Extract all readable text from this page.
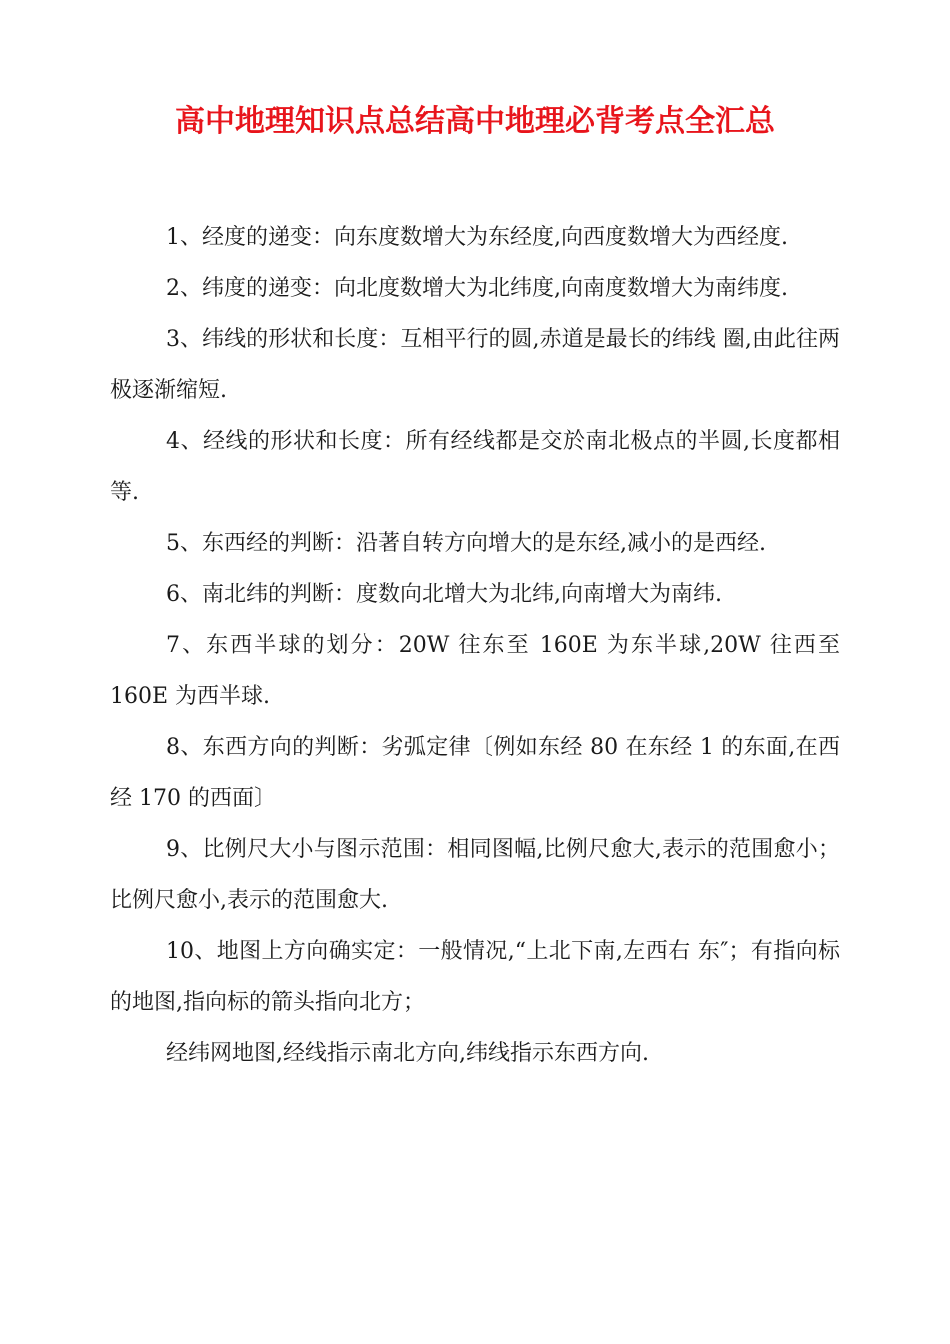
高中地理知识点总结高中地理必背考点全汇总

1、经度的递变：向东度数增大为东经度,向西度数增大为西经度.

2、纬度的递变：向北度数增大为北纬度,向南度数增大为南纬度.

3、纬线的形状和长度：互相平行的圆,赤道是最长的纬线 圈,由此往两极逐渐缩短.

4、经线的形状和长度：所有经线都是交於南北极点的半圆,长度都相等.

5、东西经的判断：沿著自转方向增大的是东经,减小的是西经.

6、南北纬的判断：度数向北增大为北纬,向南增大为南纬.

7、东西半球的划分：20W 往东至 160E 为东半球,20W 往西至 160E 为西半球.

8、东西方向的判断：劣弧定律〔例如东经 80 在东经 1 的东面,在西经 170 的西面〕

9、比例尺大小与图示范围：相同图幅,比例尺愈大,表示的范围愈小；比例尺愈小,表示的范围愈大.

10、地图上方向确实定：一般情况,“上北下南,左西右 东″；有指向标的地图,指向标的箭头指向北方；

经纬网地图,经线指示南北方向,纬线指示东西方向.
